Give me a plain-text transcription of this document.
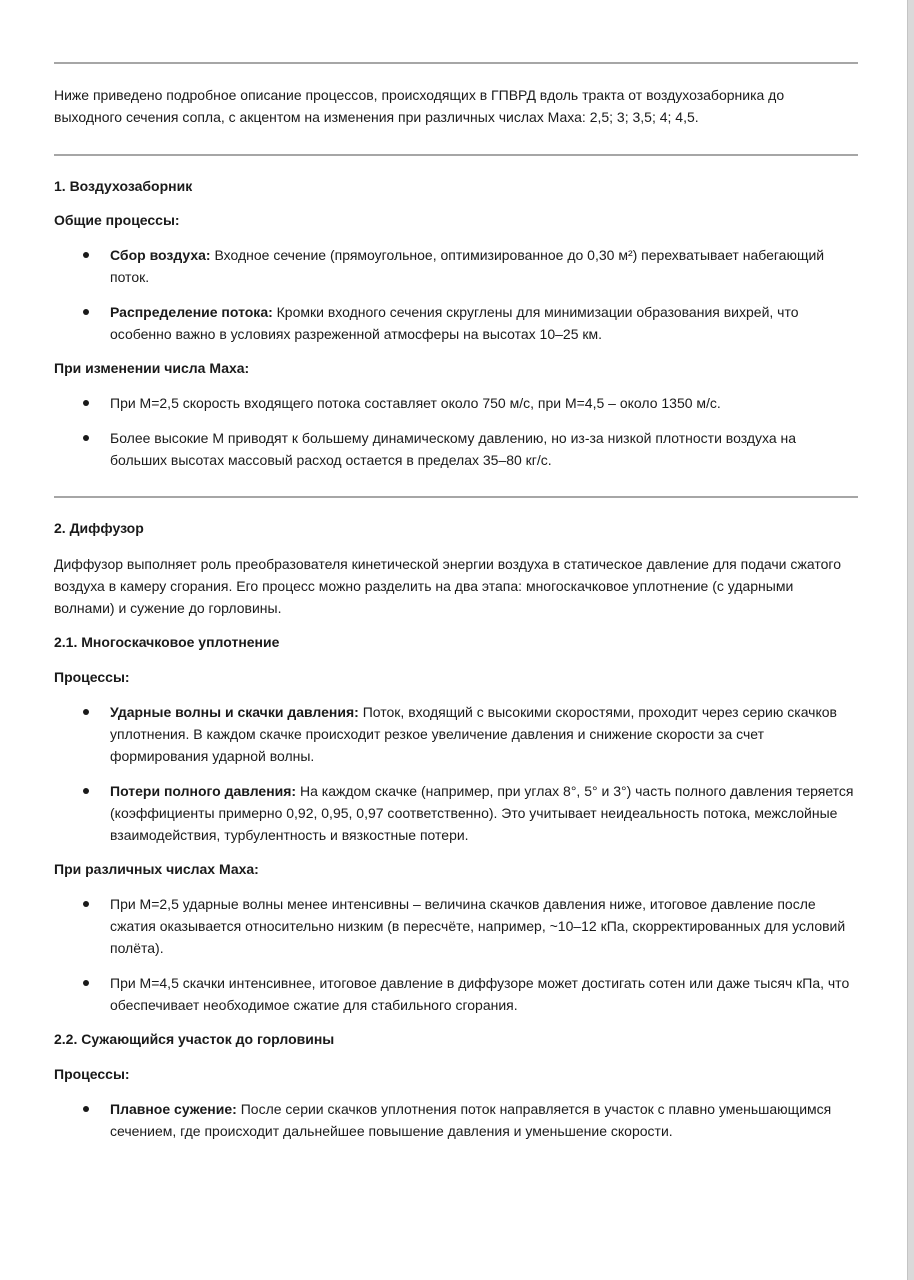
Ниже приведено подробное описание процессов, происходящих в ГПВРД вдоль тракта от воздухозаборника до выходного сечения сопла, с акцентом на изменения при различных числах Маха: 2,5; 3; 3,5; 4; 4,5.

1. Воздухозаборник

Общие процессы:

Сбор воздуха: Входное сечение (прямоугольное, оптимизированное до 0,30 м²) перехватывает набегающий поток.

Распределение потока: Кромки входного сечения скруглены для минимизации образования вихрей, что особенно важно в условиях разреженной атмосферы на высотах 10–25 км.

При изменении числа Маха:

При M=2,5 скорость входящего потока составляет около 750 м/с, при M=4,5 – около 1350 м/с.

Более высокие M приводят к большему динамическому давлению, но из-за низкой плотности воздуха на больших высотах массовый расход остается в пределах 35–80 кг/с.

2. Диффузор

Диффузор выполняет роль преобразователя кинетической энергии воздуха в статическое давление для подачи сжатого воздуха в камеру сгорания. Его процесс можно разделить на два этапа: многоскачковое уплотнение (с ударными волнами) и сужение до горловины.

2.1. Многоскачковое уплотнение

Процессы:

Ударные волны и скачки давления: Поток, входящий с высокими скоростями, проходит через серию скачков уплотнения. В каждом скачке происходит резкое увеличение давления и снижение скорости за счет формирования ударной волны.

Потери полного давления: На каждом скачке (например, при углах 8°, 5° и 3°) часть полного давления теряется (коэффициенты примерно 0,92, 0,95, 0,97 соответственно). Это учитывает неидеальность потока, межслойные взаимодействия, турбулентность и вязкостные потери.

При различных числах Маха:

При M=2,5 ударные волны менее интенсивны – величина скачков давления ниже, итоговое давление после сжатия оказывается относительно низким (в пересчёте, например, ~10–12 кПа, скорректированных для условий полёта).

При M=4,5 скачки интенсивнее, итоговое давление в диффузоре может достигать сотен или даже тысяч кПа, что обеспечивает необходимое сжатие для стабильного сгорания.

2.2. Сужающийся участок до горловины

Процессы:

Плавное сужение: После серии скачков уплотнения поток направляется в участок с плавно уменьшающимся сечением, где происходит дальнейшее повышение давления и уменьшение скорости.
